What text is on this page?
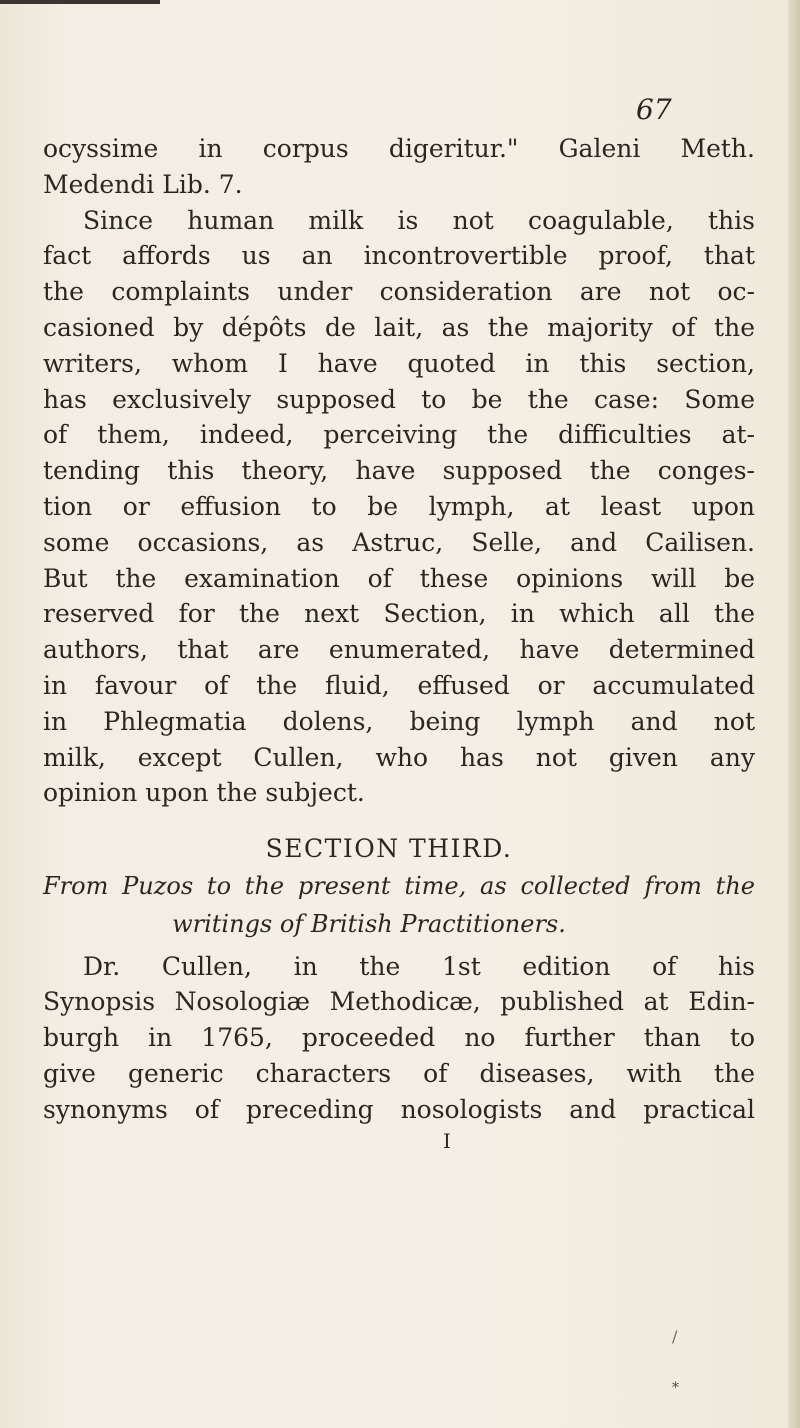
67
ocyssime in corpus digeritur." Galeni Meth.
Medendi Lib. 7.
Since human milk is not coagulable, this
fact affords us an incontrovertible proof, that
the complaints under consideration are not oc-
casioned by dépôts de lait, as the majority of the
writers, whom I have quoted in this section,
has exclusively supposed to be the case: Some
of them, indeed, perceiving the difficulties at-
tending this theory, have supposed the conges-
tion or effusion to be lymph, at least upon
some occasions, as Astruc, Selle, and Cailisen.
But the examination of these opinions will be
reserved for the next Section, in which all the
authors, that are enumerated, have determined
in favour of the fluid, effused or accumulated
in Phlegmatia dolens, being lymph and not
milk, except Cullen, who has not given any
opinion upon the subject.
SECTION THIRD.
From Puzos to the present time, as collected from the
writings of British Practitioners.
Dr. Cullen, in the 1st edition of his
Synopsis Nosologiæ Methodicæ, published at Edin-
burgh in 1765, proceeded no further than to
give generic characters of diseases, with the
synonyms of preceding nosologists and practical
I
/
*
